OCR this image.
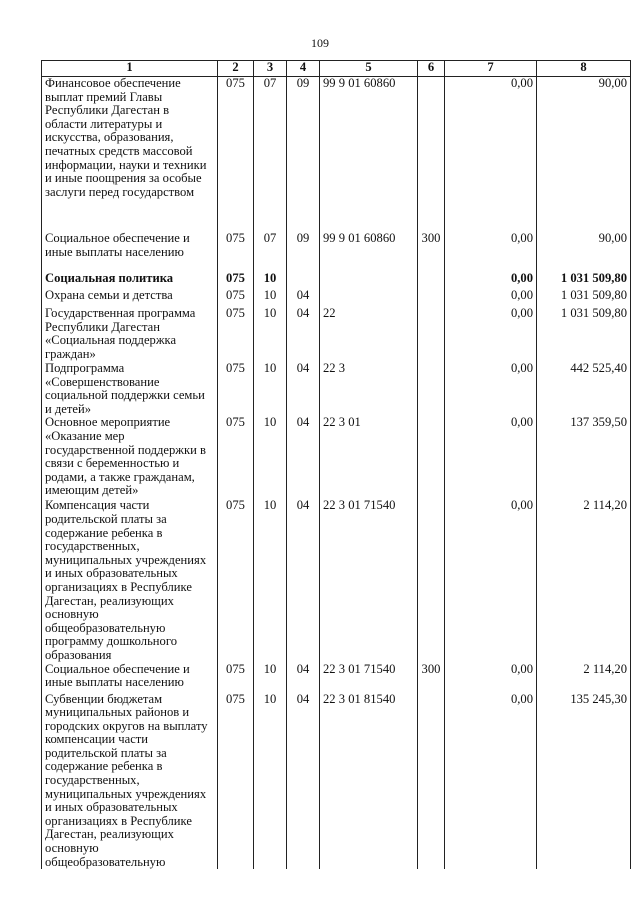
109
1	2	3	4	5	6	7	8
Финансовое обеспечение выплат премий Главы Республики Дагестан в области литературы и искусства, образования, печатных средств массовой информации, науки и техники и иные поощрения за особые заслуги перед государством	075	07	09	99 9 01 60860		0,00	90,00
Социальное обеспечение и иные выплаты населению	075	07	09	99 9 01 60860	300	0,00	90,00
Социальная политика	075	10				0,00	1 031 509,80
Охрана семьи и детства	075	10	04			0,00	1 031 509,80
Государственная программа Республики Дагестан «Социальная поддержка граждан»	075	10	04	22		0,00	1 031 509,80
Подпрограмма «Совершенствование социальной поддержки семьи и детей»	075	10	04	22 3		0,00	442 525,40
Основное мероприятие «Оказание мер государственной поддержки в связи с беременностью и родами, а также гражданам, имеющим детей»	075	10	04	22 3 01		0,00	137 359,50
Компенсация части родительской платы за содержание ребенка в государственных, муниципальных учреждениях и иных образовательных организациях в Республике Дагестан, реализующих основную общеобразовательную программу дошкольного образования	075	10	04	22 3 01 71540		0,00	2 114,20
Социальное обеспечение и иные выплаты населению	075	10	04	22 3 01 71540	300	0,00	2 114,20
Субвенции бюджетам муниципальных районов и городских округов на выплату компенсации части родительской платы за содержание ребенка в государственных, муниципальных учреждениях и иных образовательных организациях в Республике Дагестан, реализующих основную общеобразовательную	075	10	04	22 3 01 81540		0,00	135 245,30
